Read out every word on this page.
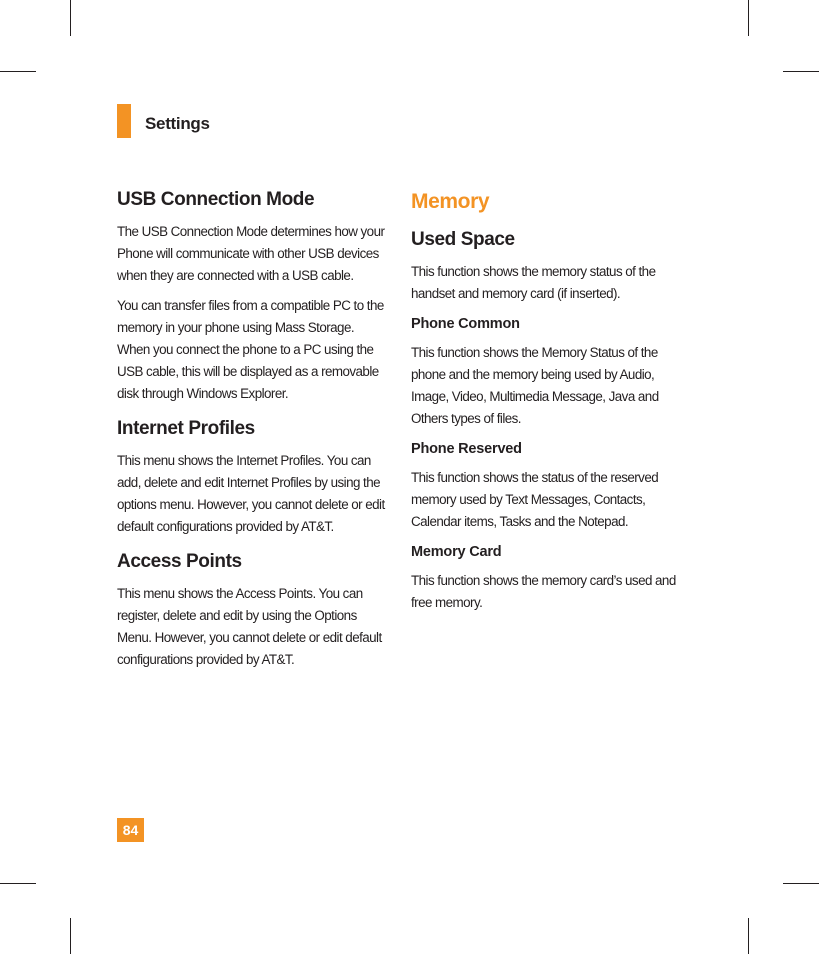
Settings
USB Connection Mode

The USB Connection Mode determines how your Phone will communicate with other USB devices when they are connected with a USB cable.

You can transfer files from a compatible PC to the memory in your phone using Mass Storage. When you connect the phone to a PC using the USB cable, this will be displayed as a removable disk through Windows Explorer.

Internet Profiles

This menu shows the Internet Profiles. You can add, delete and edit Internet Profiles by using the options menu. However, you cannot delete or edit default configurations provided by AT&T.

Access Points

This menu shows the Access Points. You can register, delete and edit by using the Options Menu. However, you cannot delete or edit default configurations provided by AT&T.

Memory
Used Space

This function shows the memory status of the handset and memory card (if inserted).

Phone Common

This function shows the Memory Status of the phone and the memory being used by Audio, Image, Video, Multimedia Message, Java and Others types of files.

Phone Reserved

This function shows the status of the reserved memory used by Text Messages, Contacts, Calendar items, Tasks and the Notepad.

Memory Card

This function shows the memory card’s used and free memory.

84
